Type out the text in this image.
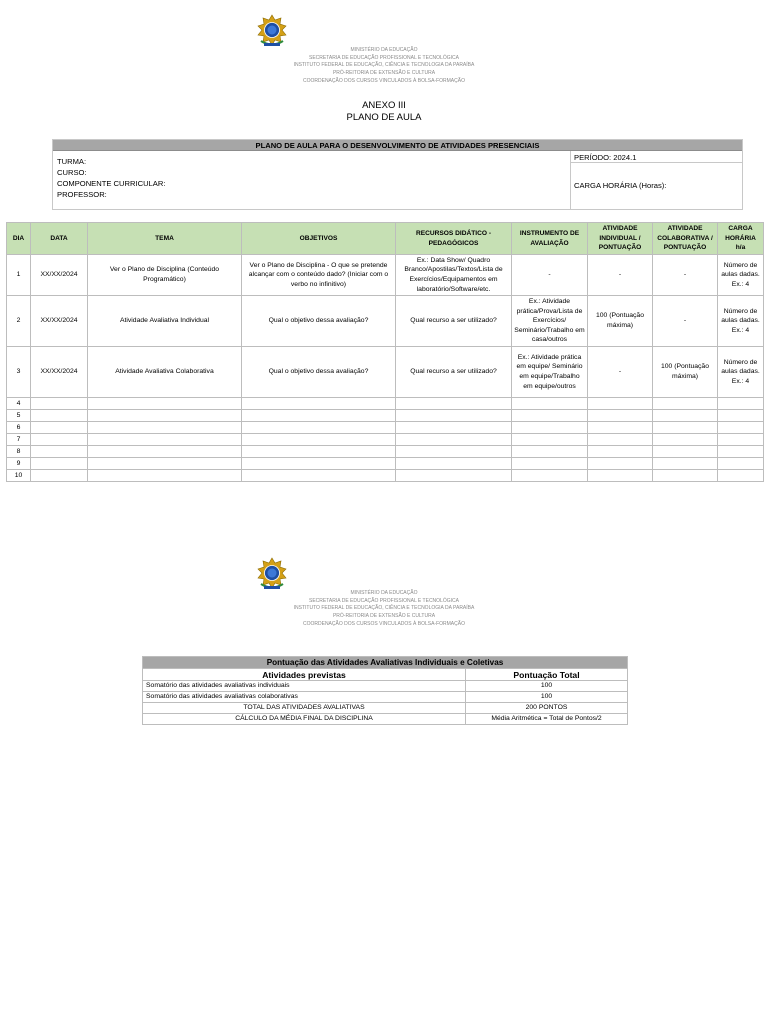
MINISTÉRIO DA EDUCAÇÃO
SECRETARIA DE EDUCAÇÃO PROFISSIONAL E TECNOLÓGICA
INSTITUTO FEDERAL DE EDUCAÇÃO, CIÊNCIA E TECNOLOGIA DA PARAÍBA
PRÓ-REITORIA DE EXTENSÃO E CULTURA
COORDENAÇÃO DOS CURSOS VINCULADOS À BOLSA-FORMAÇÃO
ANEXO III
PLANO DE AULA
PLANO DE AULA PARA O DESENVOLVIMENTO DE ATIVIDADES PRESENCIAIS
TURMA:
CURSO:
COMPONENTE CURRICULAR:
PROFESSOR:
PERÍODO: 2024.1
CARGA HORÁRIA (Horas):
DIA	DATA	TEMA	OBJETIVOS	RECURSOS DIDÁTICO - PEDAGÓGICOS	INSTRUMENTO DE AVALIAÇÃO	ATIVIDADE INDIVIDUAL / PONTUAÇÃO	ATIVIDADE COLABORATIVA / PONTUAÇÃO	CARGA HORÁRIA h/a
1	XX/XX/2024	Ver o Plano de Disciplina (Conteúdo Programático)	Ver o Plano de Disciplina - O que se pretende alcançar com o conteúdo dado? (Iniciar com o verbo no infinitivo)	Ex.: Data Show/ Quadro Branco/Apostilas/Textos/Lista de Exercícios/Equipamentos em laboratório/Software/etc.	-	-	-	Número de aulas dadas. Ex.: 4
2	XX/XX/2024	Atividade Avaliativa Individual	Qual o objetivo dessa avaliação?	Qual recurso a ser utilizado?	Ex.: Atividade prática/Prova/Lista de Exercícios/ Seminário/Trabalho em casa/outros	100 (Pontuação máxima)	-	Número de aulas dadas. Ex.: 4
3	XX/XX/2024	Atividade Avaliativa Colaborativa	Qual o objetivo dessa avaliação?	Qual recurso a ser utilizado?	Ex.: Atividade prática em equipe/ Seminário em equipe/Trabalho em equipe/outros	-	100 (Pontuação máxima)	Número de aulas dadas. Ex.: 4
4								
5								
6								
7								
8								
9								
10								
MINISTÉRIO DA EDUCAÇÃO
SECRETARIA DE EDUCAÇÃO PROFISSIONAL E TECNOLÓGICA
INSTITUTO FEDERAL DE EDUCAÇÃO, CIÊNCIA E TECNOLOGIA DA PARAÍBA
PRÓ-REITORIA DE EXTENSÃO E CULTURA
COORDENAÇÃO DOS CURSOS VINCULADOS À BOLSA-FORMAÇÃO
Pontuação das Atividades Avaliativas Individuais e Coletivas	
Atividades previstas	Pontuação Total
Somatório das atividades avaliativas individuais	100
Somatório das atividades avaliativas colaborativas	100
TOTAL DAS ATIVIDADES AVALIATIVAS	200 PONTOS
CÁLCULO DA MÉDIA FINAL DA DISCIPLINA	Média Aritmética = Total de Pontos/2
